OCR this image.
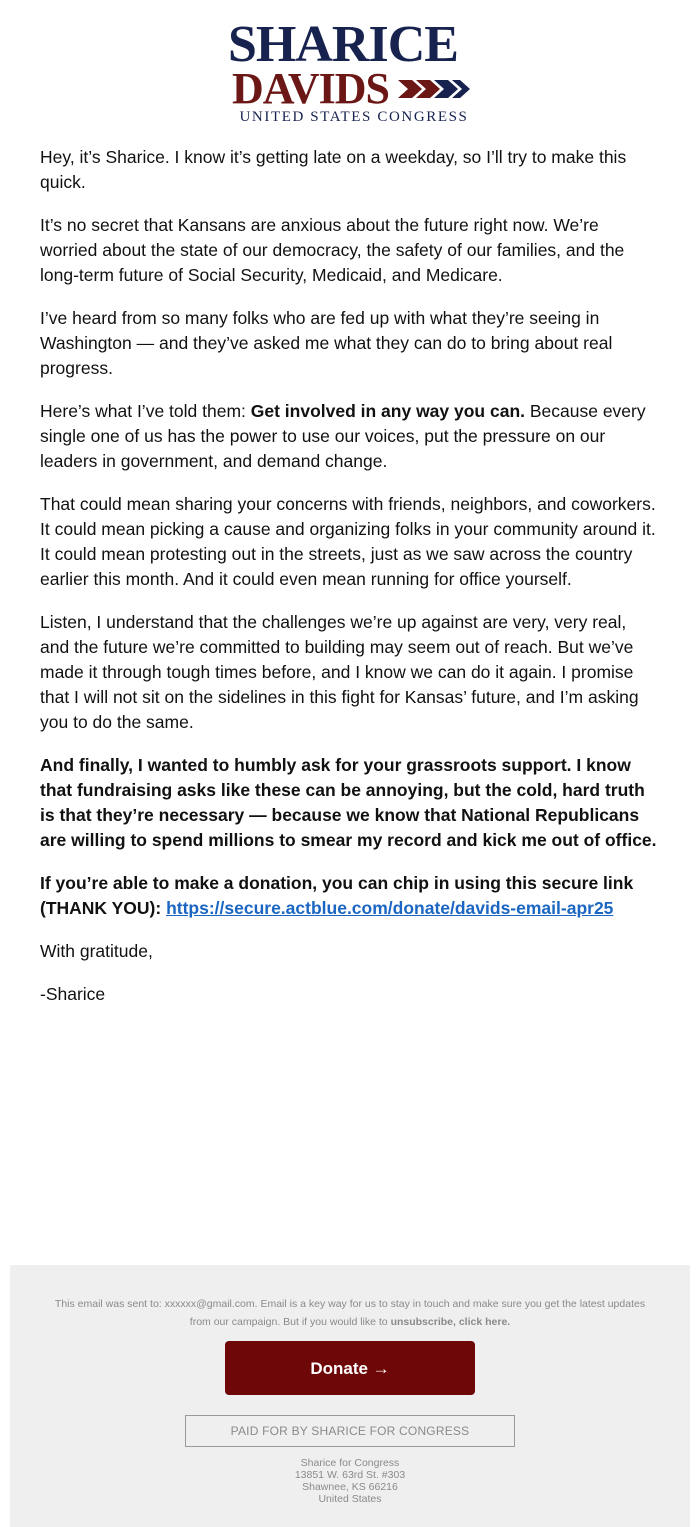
SHARICE
DAVIDS
UNITED STATES CONGRESS

Hey, it’s Sharice. I know it’s getting late on a weekday, so I’ll try to make this quick.

It’s no secret that Kansans are anxious about the future right now. We’re worried about the state of our democracy, the safety of our families, and the long-term future of Social Security, Medicaid, and Medicare.

I’ve heard from so many folks who are fed up with what they’re seeing in Washington — and they’ve asked me what they can do to bring about real progress.

Here’s what I’ve told them: Get involved in any way you can. Because every single one of us has the power to use our voices, put the pressure on our leaders in government, and demand change.

That could mean sharing your concerns with friends, neighbors, and coworkers. It could mean picking a cause and organizing folks in your community around it. It could mean protesting out in the streets, just as we saw across the country earlier this month. And it could even mean running for office yourself.

Listen, I understand that the challenges we’re up against are very, very real, and the future we’re committed to building may seem out of reach. But we’ve made it through tough times before, and I know we can do it again. I promise that I will not sit on the sidelines in this fight for Kansas’ future, and I’m asking you to do the same.

And finally, I wanted to humbly ask for your grassroots support. I know that fundraising asks like these can be annoying, but the cold, hard truth is that they’re necessary — because we know that National Republicans are willing to spend millions to smear my record and kick me out of office.

If you’re able to make a donation, you can chip in using this secure link (THANK YOU): https://secure.actblue.com/donate/davids-email-apr25

With gratitude,

-Sharice

This email was sent to: xxxxxx@gmail.com. Email is a key way for us to stay in touch and make sure you get the latest updates from our campaign. But if you would like to unsubscribe, click here.
Donate →
PAID FOR BY SHARICE FOR CONGRESS
Sharice for Congress
13851 W. 63rd St. #303
Shawnee, KS 66216
United States
